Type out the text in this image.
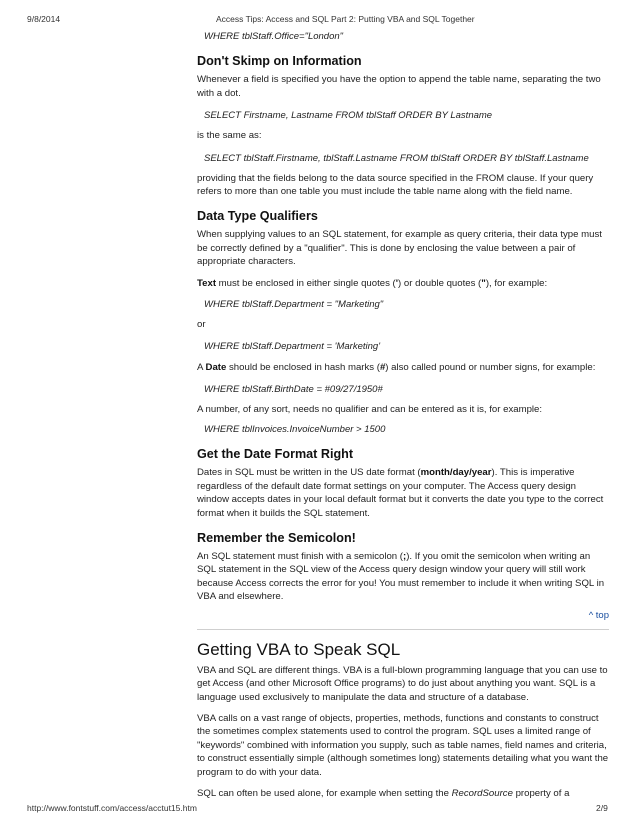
9/8/2014	Access Tips: Access and SQL Part 2: Putting VBA and SQL Together

WHERE tblStaff.Office="London"

Don't Skimp on Information

Whenever a field is specified you have the option to append the table name, separating the two with a dot.

SELECT Firstname, Lastname FROM tblStaff ORDER BY Lastname

is the same as:

SELECT tblStaff.Firstname, tblStaff.Lastname FROM tblStaff ORDER BY tblStaff.Lastname

providing that the fields belong to the data source specified in the FROM clause. If your query refers to more than one table you must include the table name along with the field name.

Data Type Qualifiers

When supplying values to an SQL statement, for example as query criteria, their data type must be correctly defined by a "qualifier". This is done by enclosing the value between a pair of appropriate characters.

Text must be enclosed in either single quotes (') or double quotes ("), for example:

WHERE tblStaff.Department = "Marketing"

or

WHERE tblStaff.Department = 'Marketing'

A Date should be enclosed in hash marks (#) also called pound or number signs, for example:

WHERE tblStaff.BirthDate = #09/27/1950#

A number, of any sort, needs no qualifier and can be entered as it is, for example:

WHERE tblInvoices.InvoiceNumber > 1500

Get the Date Format Right

Dates in SQL must be written in the US date format (month/day/year). This is imperative regardless of the default date format settings on your computer. The Access query design window accepts dates in your local default format but it converts the date you type to the correct format when it builds the SQL statement.

Remember the Semicolon!

An SQL statement must finish with a semicolon (;). If you omit the semicolon when writing an SQL statement in the SQL view of the Access query design window your query will still work because Access corrects the error for you! You must remember to include it when writing SQL in VBA and elsewhere.

^ top

Getting VBA to Speak SQL

VBA and SQL are different things. VBA is a full-blown programming language that you can use to get Access (and other Microsoft Office programs) to do just about anything you want. SQL is a language used exclusively to manipulate the data and structure of a database.

VBA calls on a vast range of objects, properties, methods, functions and constants to construct the sometimes complex statements used to control the program. SQL uses a limited range of "keywords" combined with information you supply, such as table names, field names and criteria, to construct essentially simple (although sometimes long) statements detailing what you want the program to do with your data.

SQL can often be used alone, for example when setting the RecordSource property of a

http://www.fontstuff.com/access/acctut15.htm	2/9
